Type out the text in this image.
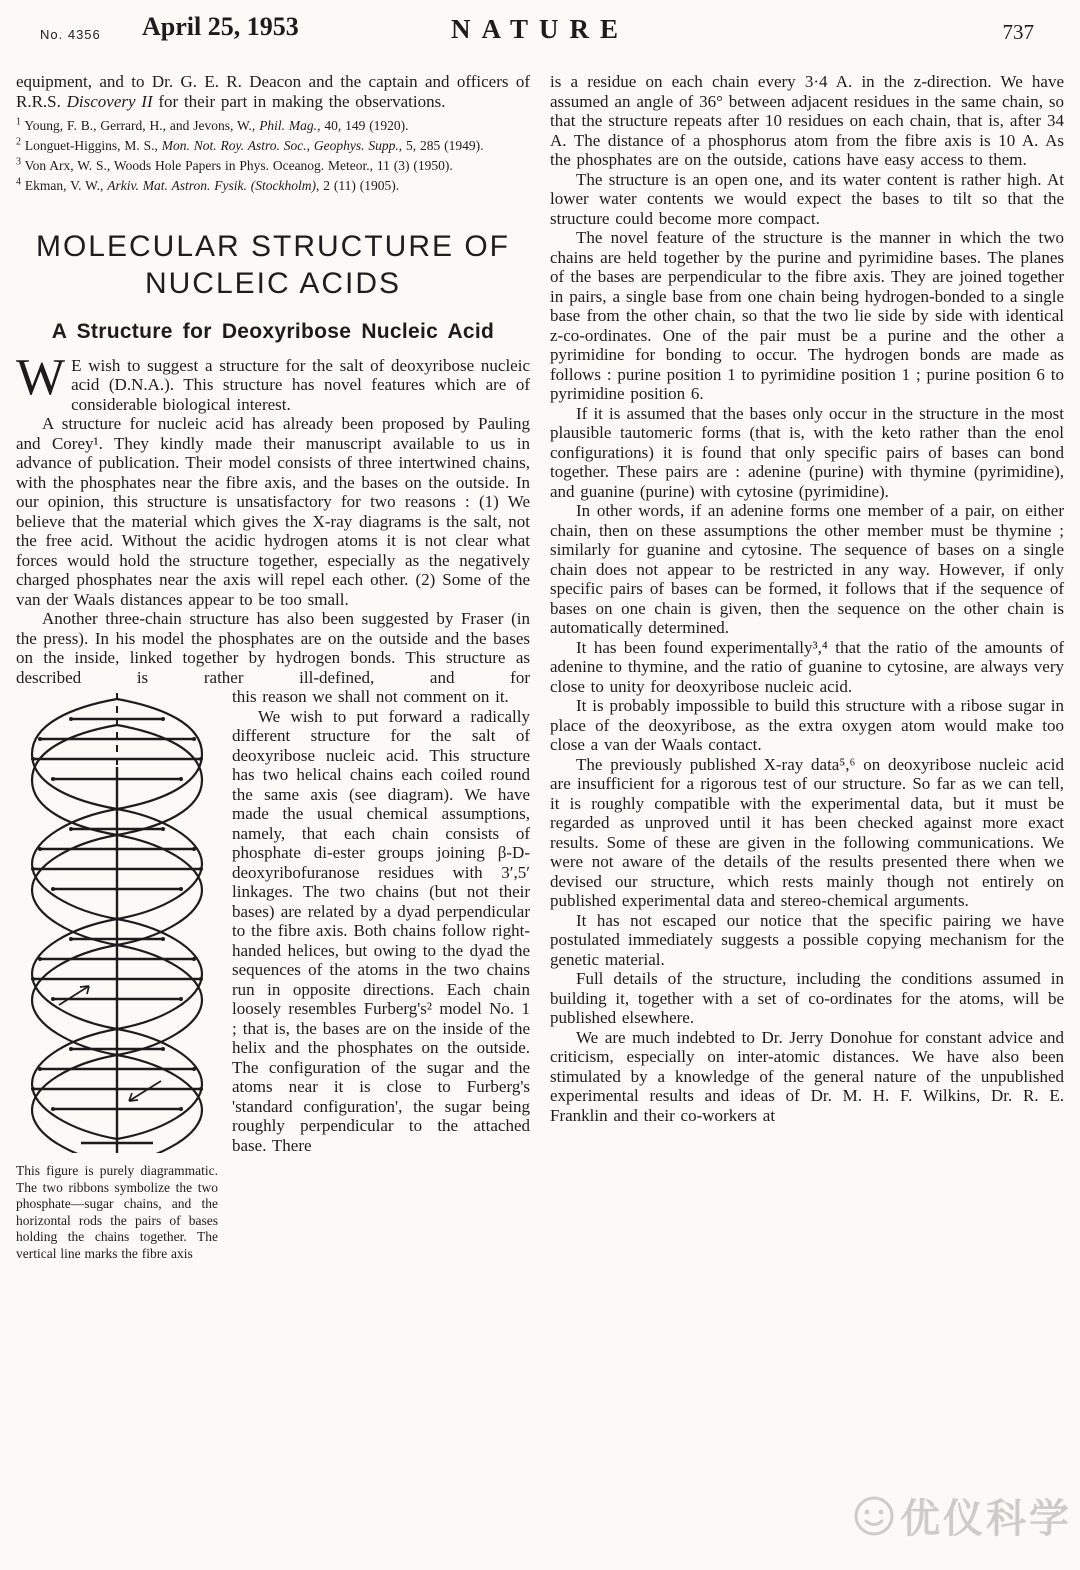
No. 4356 April 25, 1953	NATURE	737

equipment, and to Dr. G. E. R. Deacon and the captain and officers of R.R.S. Discovery II for their part in making the observations.

$^1$ Young, F. B., Gerrard, H., and Jevons, W., Phil. Mag., 40, 149 (1920).

$^2$ Longuet-Higgins, M. S., Mon. Not. Roy. Astro. Soc., Geophys. Supp., 5, 285 (1949).

$^3$ Von Arx, W. S., Woods Hole Papers in Phys. Oceanog. Meteor., 11 (3) (1950).

$^4$ Ekman, V. W., Arkiv. Mat. Astron. Fysik. (Stockholm), 2 (11) (1905).

MOLECULAR STRUCTURE OF
NUCLEIC ACIDS
A Structure for Deoxyribose Nucleic Acid

W E wish to suggest a structure for the salt of deoxyribose nucleic acid (D.N.A.). This structure has novel features which are of considerable biological interest.

A structure for nucleic acid has already been proposed by Pauling and Corey¹. They kindly made their manuscript available to us in advance of publication. Their model consists of three intertwined chains, with the phosphates near the fibre axis, and the bases on the outside. In our opinion, this structure is unsatisfactory for two reasons : (1) We believe that the material which gives the X-ray diagrams is the salt, not the free acid. Without the acidic hydrogen atoms it is not clear what forces would hold the structure together, especially as the negatively charged phosphates near the axis will repel each other. (2) Some of the van der Waals distances appear to be too small.

Another three-chain structure has also been suggested by Fraser (in the press). In his model the phosphates are on the outside and the bases on the inside, linked together by hydrogen bonds. This structure as described is rather ill-defined, and for

This figure is purely diagrammatic. The two ribbons symbolize the two phosphate—sugar chains, and the horizontal rods the pairs of bases holding the chains together. The vertical line marks the fibre axis

this reason we shall not comment on it.

We wish to put forward a radically different structure for the salt of deoxyribose nucleic acid. This structure has two helical chains each coiled round the same axis (see diagram). We have made the usual chemical assumptions, namely, that each chain consists of phosphate di-ester groups joining β-D-deoxyribofuranose residues with 3′,5′ linkages. The two chains (but not their bases) are related by a dyad perpendicular to the fibre axis. Both chains follow right-handed helices, but owing to the dyad the sequences of the atoms in the two chains run in opposite directions. Each chain loosely resembles Furberg's² model No. 1 ; that is, the bases are on the inside of the helix and the phosphates on the outside. The configuration of the sugar and the atoms near it is close to Furberg's 'standard configuration', the sugar being roughly perpendicular to the attached base. There

is a residue on each chain every 3·4 A. in the z-direction. We have assumed an angle of 36° between adjacent residues in the same chain, so that the structure repeats after 10 residues on each chain, that is, after 34 A. The distance of a phosphorus atom from the fibre axis is 10 A. As the phosphates are on the outside, cations have easy access to them.

The structure is an open one, and its water content is rather high. At lower water contents we would expect the bases to tilt so that the structure could become more compact.

The novel feature of the structure is the manner in which the two chains are held together by the purine and pyrimidine bases. The planes of the bases are perpendicular to the fibre axis. They are joined together in pairs, a single base from one chain being hydrogen-bonded to a single base from the other chain, so that the two lie side by side with identical z-co-ordinates. One of the pair must be a purine and the other a pyrimidine for bonding to occur. The hydrogen bonds are made as follows : purine position 1 to pyrimidine position 1 ; purine position 6 to pyrimidine position 6.

If it is assumed that the bases only occur in the structure in the most plausible tautomeric forms (that is, with the keto rather than the enol configurations) it is found that only specific pairs of bases can bond together. These pairs are : adenine (purine) with thymine (pyrimidine), and guanine (purine) with cytosine (pyrimidine).

In other words, if an adenine forms one member of a pair, on either chain, then on these assumptions the other member must be thymine ; similarly for guanine and cytosine. The sequence of bases on a single chain does not appear to be restricted in any way. However, if only specific pairs of bases can be formed, it follows that if the sequence of bases on one chain is given, then the sequence on the other chain is automatically determined.

It has been found experimentally³,⁴ that the ratio of the amounts of adenine to thymine, and the ratio of guanine to cytosine, are always very close to unity for deoxyribose nucleic acid.

It is probably impossible to build this structure with a ribose sugar in place of the deoxyribose, as the extra oxygen atom would make too close a van der Waals contact.

The previously published X-ray data⁵,⁶ on deoxyribose nucleic acid are insufficient for a rigorous test of our structure. So far as we can tell, it is roughly compatible with the experimental data, but it must be regarded as unproved until it has been checked against more exact results. Some of these are given in the following communications. We were not aware of the details of the results presented there when we devised our structure, which rests mainly though not entirely on published experimental data and stereo-chemical arguments.

It has not escaped our notice that the specific pairing we have postulated immediately suggests a possible copying mechanism for the genetic material.

Full details of the structure, including the conditions assumed in building it, together with a set of co-ordinates for the atoms, will be published elsewhere.

We are much indebted to Dr. Jerry Donohue for constant advice and criticism, especially on inter-atomic distances. We have also been stimulated by a knowledge of the general nature of the unpublished experimental results and ideas of Dr. M. H. F. Wilkins, Dr. R. E. Franklin and their co-workers at

优仪科学
